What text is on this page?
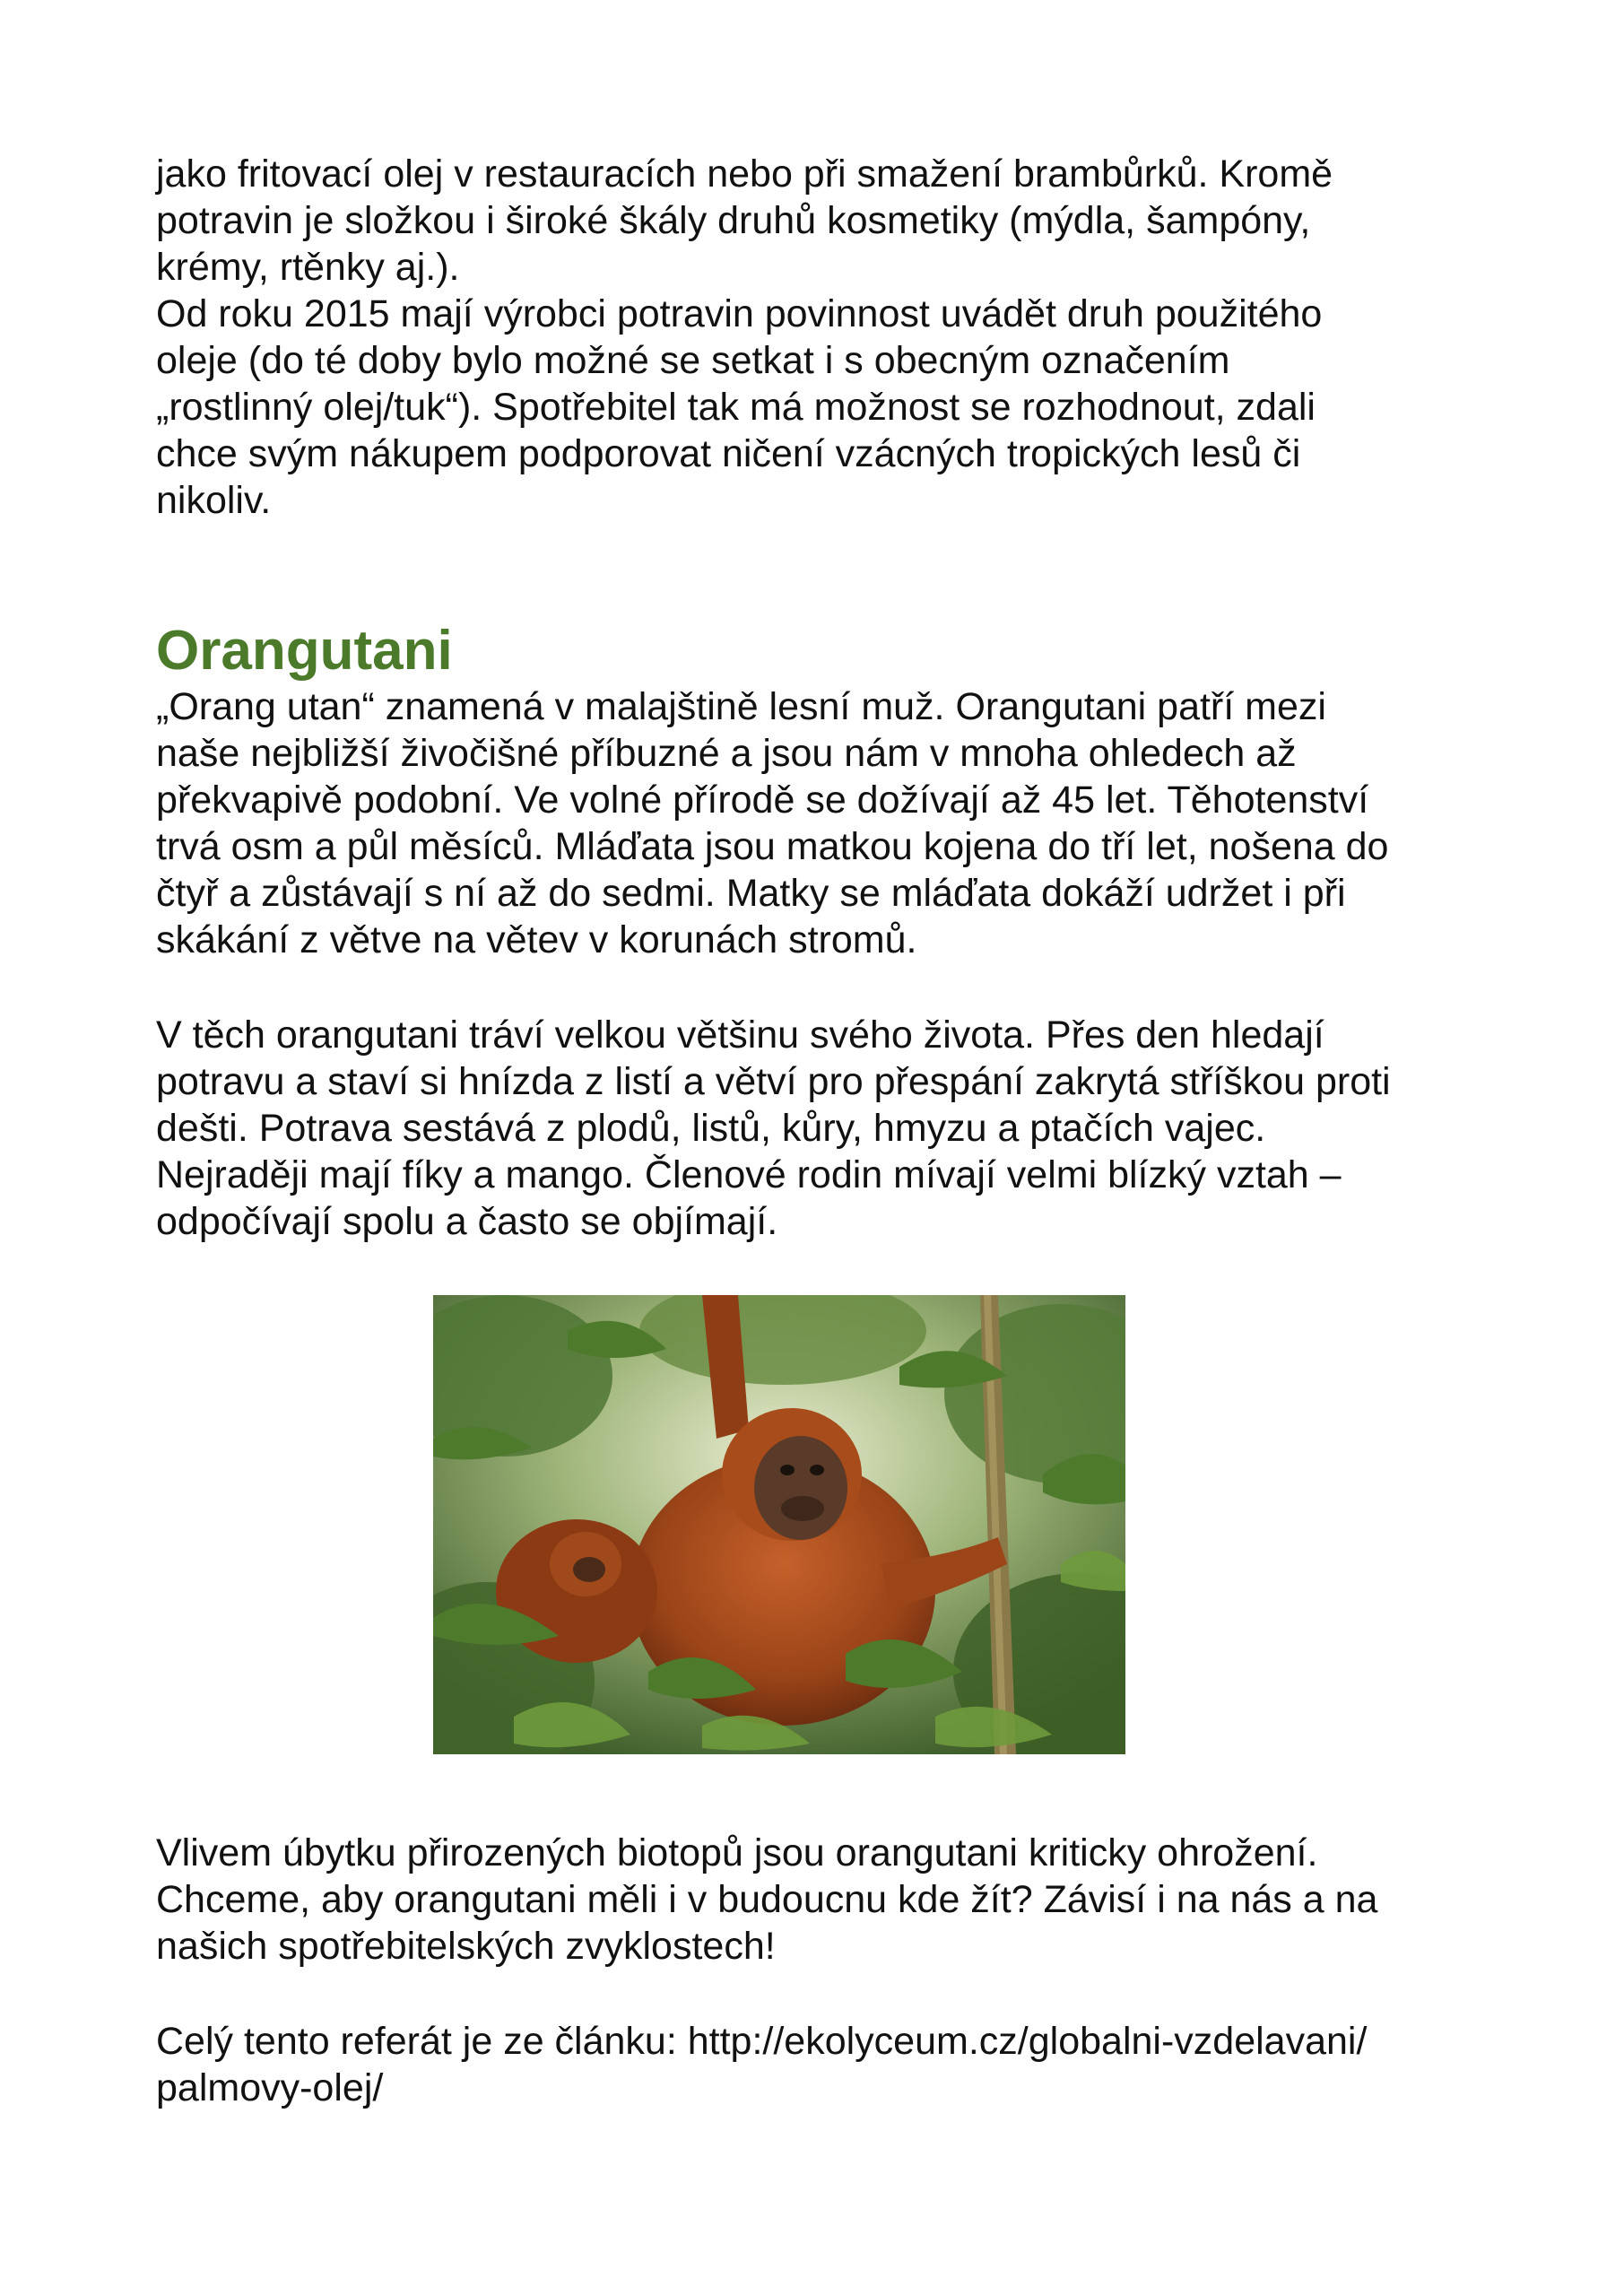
jako fritovací olej v restauracích nebo při smažení brambůrků. Kromě
potravin je složkou i široké škály druhů kosmetiky (mýdla, šampóny,
krémy, rtěnky aj.).
Od roku 2015 mají výrobci potravin povinnost uvádět druh použitého
oleje (do té doby bylo možné se setkat i s obecným označením
„rostlinný olej/tuk“). Spotřebitel tak má možnost se rozhodnout, zdali
chce svým nákupem podporovat ničení vzácných tropických lesů či
nikoliv.

Orangutani

„Orang utan“ znamená v malajštině lesní muž. Orangutani patří mezi
naše nejbližší živočišné příbuzné a jsou nám v mnoha ohledech až
překvapivě podobní. Ve volné přírodě se dožívají až 45 let. Těhotenství
trvá osm a půl měsíců. Mláďata jsou matkou kojena do tří let, nošena do
čtyř a zůstávají s ní až do sedmi. Matky se mláďata dokáží udržet i při
skákání z větve na větev v korunách stromů.

V těch orangutani tráví velkou většinu svého života. Přes den hledají
potravu a staví si hnízda z listí a větví pro přespání zakrytá stříškou proti
dešti. Potrava sestává z plodů, listů, kůry, hmyzu a ptačích vajec.
Nejraději mají fíky a mango. Členové rodin mívají velmi blízký vztah –
odpočívají spolu a často se objímají.

Vlivem úbytku přirozených biotopů jsou orangutani kriticky ohrožení.
Chceme, aby orangutani měli i v budoucnu kde žít? Závisí i na nás a na
našich spotřebitelských zvyklostech!

Celý tento referát je ze článku: http://ekolyceum.cz/globalni-vzdelavani/
palmovy-olej/
